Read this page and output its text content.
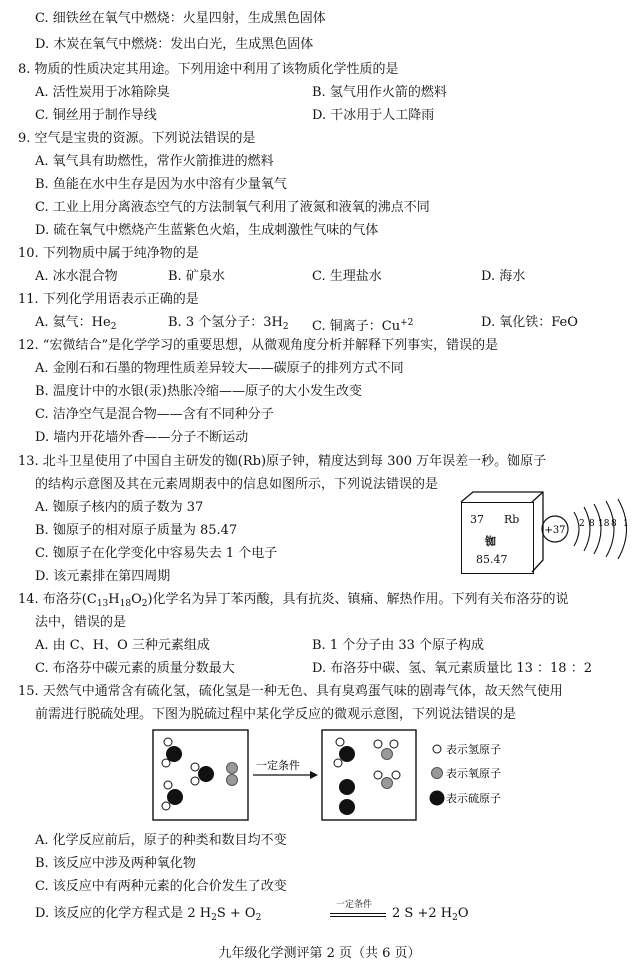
C. 细铁丝在氧气中燃烧：火星四射，生成黑色固体
D. 木炭在氧气中燃烧：发出白光，生成黑色固体
8. 物质的性质决定其用途。下列用途中利用了该物质化学性质的是
A. 活性炭用于冰箱除臭	B. 氢气用作火箭的燃料
C. 铜丝用于制作导线	D. 干冰用于人工降雨
9. 空气是宝贵的资源。下列说法错误的是
A. 氧气具有助燃性，常作火箭推进的燃料
B. 鱼能在水中生存是因为水中溶有少量氧气
C. 工业上用分离液态空气的方法制氧气利用了液氮和液氧的沸点不同
D. 硫在氧气中燃烧产生蓝紫色火焰，生成刺激性气味的气体
10. 下列物质中属于纯净物的是
A. 冰水混合物	B. 矿泉水	C. 生理盐水	D. 海水
11. 下列化学用语表示正确的是
A. 氦气：$He_2$	B. 3 个氢分子：$3H_2$ C. 铜离子：$Cu^{+2}$	D. 氧化铁：FeO
12. “宏微结合”是化学学习的重要思想，从微观角度分析并解释下列事实，错误的是
A. 金刚石和石墨的物理性质差异较大——碳原子的排列方式不同
B. 温度计中的水银(汞)热胀冷缩——原子的大小发生改变
C. 洁净空气是混合物——含有不同种分子
D. 墙内开花墙外香——分子不断运动
13. 北斗卫星使用了中国自主研发的铷(Rb)原子钟，精度达到每 300 万年误差一秒。铷原子
的结构示意图及其在元素周期表中的信息如图所示，下列说法错误的是
A. 铷原子核内的质子数为 37
B. 铷原子的相对原子质量为 85.47
C. 铷原子在化学变化中容易失去 1 个电子
D. 该元素排在第四周期
37 Rb
铷
85.47
+37
2 8 18 8 1
14. 布洛芬$(C_{13}H_{18}O_2)$化学名为异丁苯丙酸，具有抗炎、镇痛、解热作用。下列有关布洛芬的说
法中，错误的是
A. 由 C、H、O 三种元素组成	B. 1 个分子由 33 个原子构成
C. 布洛芬中碳元素的质量分数最大	D. 布洛芬中碳、氢、氧元素质量比 13 ：18 ：2
15. 天然气中通常含有硫化氢，硫化氢是一种无色、具有臭鸡蛋气味的剧毒气体，故天然气使用
前需进行脱硫处理。下图为脱硫过程中某化学反应的微观示意图，下列说法错误的是
一定条件
表示氢原子
表示氧原子
表示硫原子
A. 化学反应前后，原子的种类和数目均不变
B. 该反应中涉及两种氧化物
C. 该反应中有两种元素的化合价发生了改变
D. 该反应的化学方程式是 2 $H_2S + O_2$
一定条件
2 S +2 $H_2O$
九年级化学测评第 2 页（共 6 页）
